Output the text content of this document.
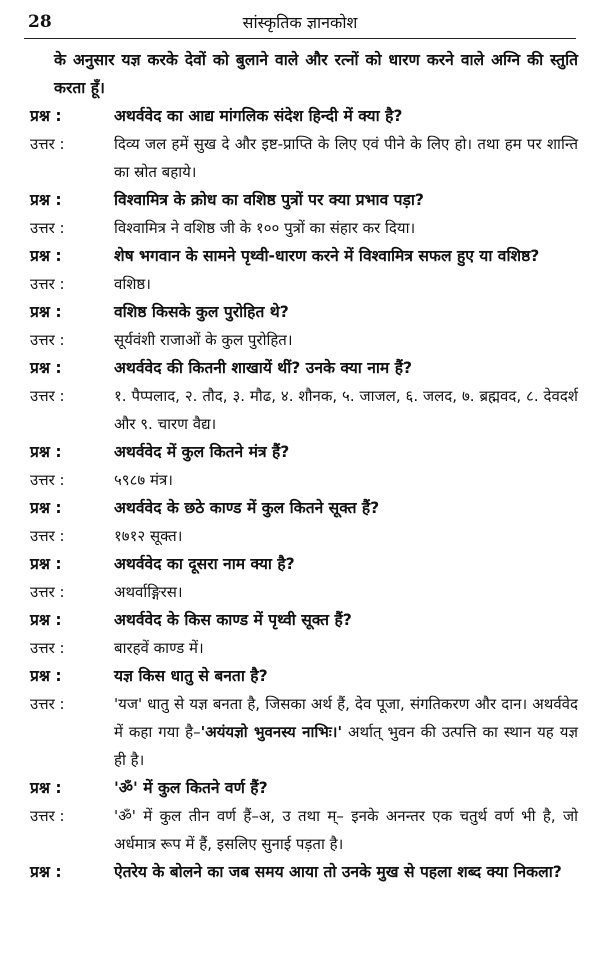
28	सांस्कृतिक ज्ञानकोश
के अनुसार यज्ञ करके देवों को बुलाने वाले और रत्नों को धारण करने वाले अग्नि की स्तुति करता हूँ।
प्रश्न :	अथर्ववेद का आद्य मांगलिक संदेश हिन्दी में क्या है?
उत्तर :	दिव्य जल हमें सुख दे और इष्ट-प्राप्ति के लिए एवं पीने के लिए हो। तथा हम पर शान्ति का स्रोत बहाये।
प्रश्न :	विश्वामित्र के क्रोध का वशिष्ठ पुत्रों पर क्या प्रभाव पड़ा?
उत्तर :	विश्वामित्र ने वशिष्ठ जी के १०० पुत्रों का संहार कर दिया।
प्रश्न :	शेष भगवान के सामने पृथ्वी-धारण करने में विश्वामित्र सफल हुए या वशिष्ठ?
उत्तर :	वशिष्ठ।
प्रश्न :	वशिष्ठ किसके कुल पुरोहित थे?
उत्तर :	सूर्यवंशी राजाओं के कुल पुरोहित।
प्रश्न :	अथर्ववेद की कितनी शाखायें थीं? उनके क्या नाम हैं?
उत्तर :	१. पैप्पलाद, २. तौद, ३. मौढ, ४. शौनक, ५. जाजल, ६. जलद, ७. ब्रह्मवद, ८. देवदर्श और ९. चारण वैद्य।
प्रश्न :	अथर्ववेद में कुल कितने मंत्र हैं?
उत्तर :	५९८७ मंत्र।
प्रश्न :	अथर्ववेद के छठे काण्ड में कुल कितने सूक्त हैं?
उत्तर :	१७१२ सूक्त।
प्रश्न :	अथर्ववेद का दूसरा नाम क्या है?
उत्तर :	अथर्वाङ्गिरस।
प्रश्न :	अथर्ववेद के किस काण्ड में पृथ्वी सूक्त हैं?
उत्तर :	बारहवें काण्ड में।
प्रश्न :	यज्ञ किस धातु से बनता है?
उत्तर :	'यज' धातु से यज्ञ बनता है, जिसका अर्थ हैं, देव पूजा, संगतिकरण और दान। अथर्ववेद में कहा गया है–'अयंयज्ञो भुवनस्य नाभिः।' अर्थात् भुवन की उत्पत्ति का स्थान यह यज्ञ ही है।
प्रश्न :	'ॐ' में कुल कितने वर्ण हैं?
उत्तर :	'ॐ' में कुल तीन वर्ण हैं–अ, उ तथा म्– इनके अनन्तर एक चतुर्थ वर्ण भी है, जो अर्धमात्र रूप में हैं, इसलिए सुनाई पड़ता है।
प्रश्न :	ऐतरेय के बोलने का जब समय आया तो उनके मुख से पहला शब्द क्या निकला?
